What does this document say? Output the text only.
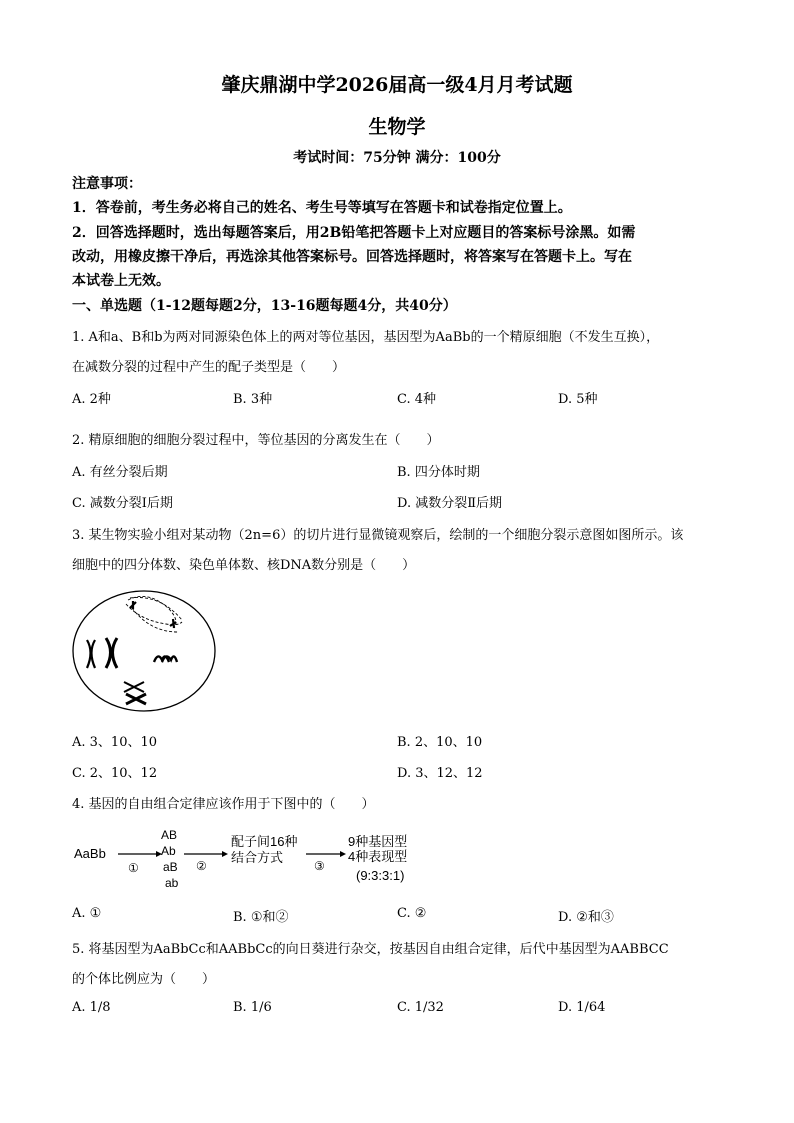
肇庆鼎湖中学2026届高一级4月月考试题
生物学
考试时间：75分钟 满分：100分
注意事项：
1．答卷前，考生务必将自己的姓名、考生号等填写在答题卡和试卷指定位置上。
2．回答选择题时，选出每题答案后，用2B铅笔把答题卡上对应题目的答案标号涂黑。如需
改动，用橡皮擦干净后，再选涂其他答案标号。回答选择题时，将答案写在答题卡上。写在
本试卷上无效。
一、单选题（1-12题每题2分，13-16题每题4分，共40分）
1. A和a、B和b为两对同源染色体上的两对等位基因，基因型为AaBb的一个精原细胞（不发生互换），
在减数分裂的过程中产生的配子类型是（　　）
A. 2种	B. 3种	C. 4种	D. 5种
2. 精原细胞的细胞分裂过程中，等位基因的分离发生在（　　）
A. 有丝分裂后期	B. 四分体时期
C. 减数分裂Ⅰ后期	D. 减数分裂Ⅱ后期
3. 某生物实验小组对某动物（2n=6）的切片进行显微镜观察后，绘制的一个细胞分裂示意图如图所示。该
细胞中的四分体数、染色单体数、核DNA数分别是（　　）
A. 3、10、10	B. 2、10、10
C. 2、10、12	D. 3、12、12
4. 基因的自由组合定律应该作用于下图中的（　　）
AaBb
①
AB
Ab
aB
ab
②
配子间16种
结合方式
③
9种基因型
4种表现型
(9:3:3:1)
A. ①	B. ①和②	C. ②	D. ②和③
5. 将基因型为AaBbCc和AABbCc的向日葵进行杂交，按基因自由组合定律，后代中基因型为AABBCC
的个体比例应为（　　）
A. 1/8	B. 1/6	C. 1/32	D. 1/64
